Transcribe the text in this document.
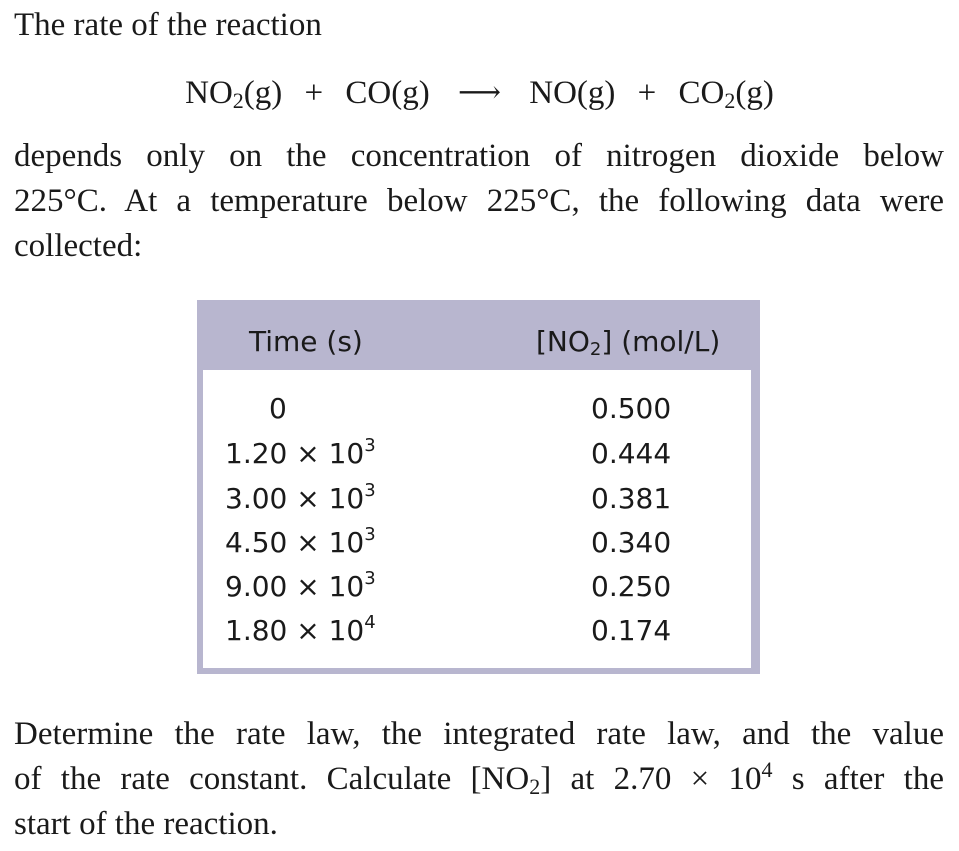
The rate of the reaction

$NO_2(g) + CO(g)$ ⟶ $NO(g) + CO_2(g)$

depends only on the concentration of nitrogen dioxide below
225°C. At a temperature below 225°C, the following data were
collected:

Time (s)	$[NO_2]$ (mol/L)
0	0.500
$1.20 \times 10^3$	0.444
$3.00 \times 10^3$	0.381
$4.50 \times 10^3$	0.340
$9.00 \times 10^3$	0.250
$1.80 \times 10^4$	0.174

Determine the rate law, the integrated rate law, and the value
of the rate constant. Calculate $[NO_2]$ at $2.70 \times 10^4$ s after the
start of the reaction.
